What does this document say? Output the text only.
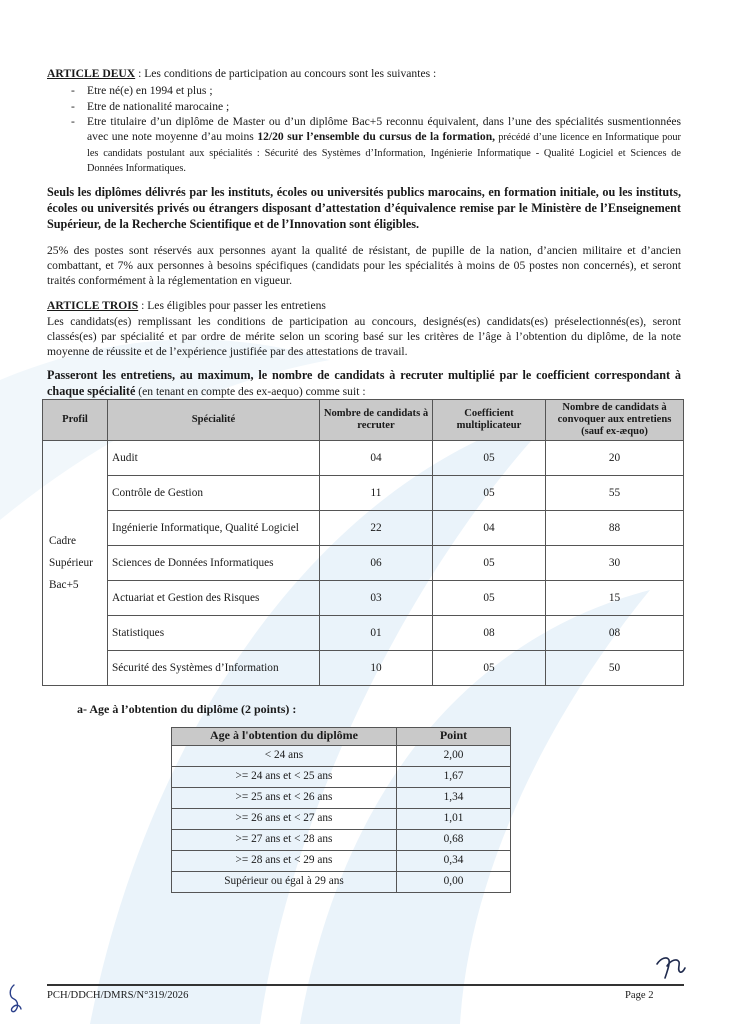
ARTICLE DEUX : Les conditions de participation au concours sont les suivantes :

- Etre né(e) en 1994 et plus ;
- Etre de nationalité marocaine ;
- Etre titulaire d’un diplôme de Master ou d’un diplôme Bac+5 reconnu équivalent, dans l’une des spécialités susmentionnées avec une note moyenne d’au moins 12/20 sur l’ensemble du cursus de la formation, précédé d’une licence en Informatique pour les candidats postulant aux spécialités : Sécurité des Systèmes d’Information, Ingénierie Informatique - Qualité Logiciel et Sciences de Données Informatiques.

Seuls les diplômes délivrés par les instituts, écoles ou universités publics marocains, en formation initiale, ou les instituts, écoles ou universités privés ou étrangers disposant d’attestation d’équivalence remise par le Ministère de l’Enseignement Supérieur, de la Recherche Scientifique et de l’Innovation sont éligibles.

25% des postes sont réservés aux personnes ayant la qualité de résistant, de pupille de la nation, d’ancien militaire et d’ancien combattant, et 7% aux personnes à besoins spécifiques (candidats pour les spécialités à moins de 05 postes non concernés), et seront traités conformément à la réglementation en vigueur.

ARTICLE TROIS : Les éligibles pour passer les entretiens

Les candidats(es) remplissant les conditions de participation au concours, designés(es) candidats(es) préselectionnés(es), seront classés(es) par spécialité et par ordre de mérite selon un scoring basé sur les critères de l’âge à l’obtention du diplôme, de la note moyenne de réussite et de l’expérience justifiée par des attestations de travail.

Passeront les entretiens, au maximum, le nombre de candidats à recruter multiplié par le coefficient correspondant à chaque spécialité (en tenant en compte des ex-aequo) comme suit :

Profil	Spécialité	Nombre de candidats à recruter	Coefficient multiplicateur	Nombre de candidats à convoquer aux entretiens (sauf ex-æquo)
Cadre Supérieur Bac+5	Audit	04	05	20
	Contrôle de Gestion	11	05	55
	Ingénierie Informatique, Qualité Logiciel	22	04	88
	Sciences de Données Informatiques	06	05	30
	Actuariat et Gestion des Risques	03	05	15
	Statistiques	01	08	08
	Sécurité des Systèmes d’Information	10	05	50

a- Age à l’obtention du diplôme (2 points) :

Age à l'obtention du diplôme	Point
< 24 ans	2,00
>= 24 ans et < 25 ans	1,67
>= 25 ans et < 26 ans	1,34
>= 26 ans et < 27 ans	1,01
>= 27 ans et < 28 ans	0,68
>= 28 ans et < 29 ans	0,34
Supérieur ou égal à 29 ans	0,00
PCH/DDCH/DMRS/N°319/2026	Page 2
